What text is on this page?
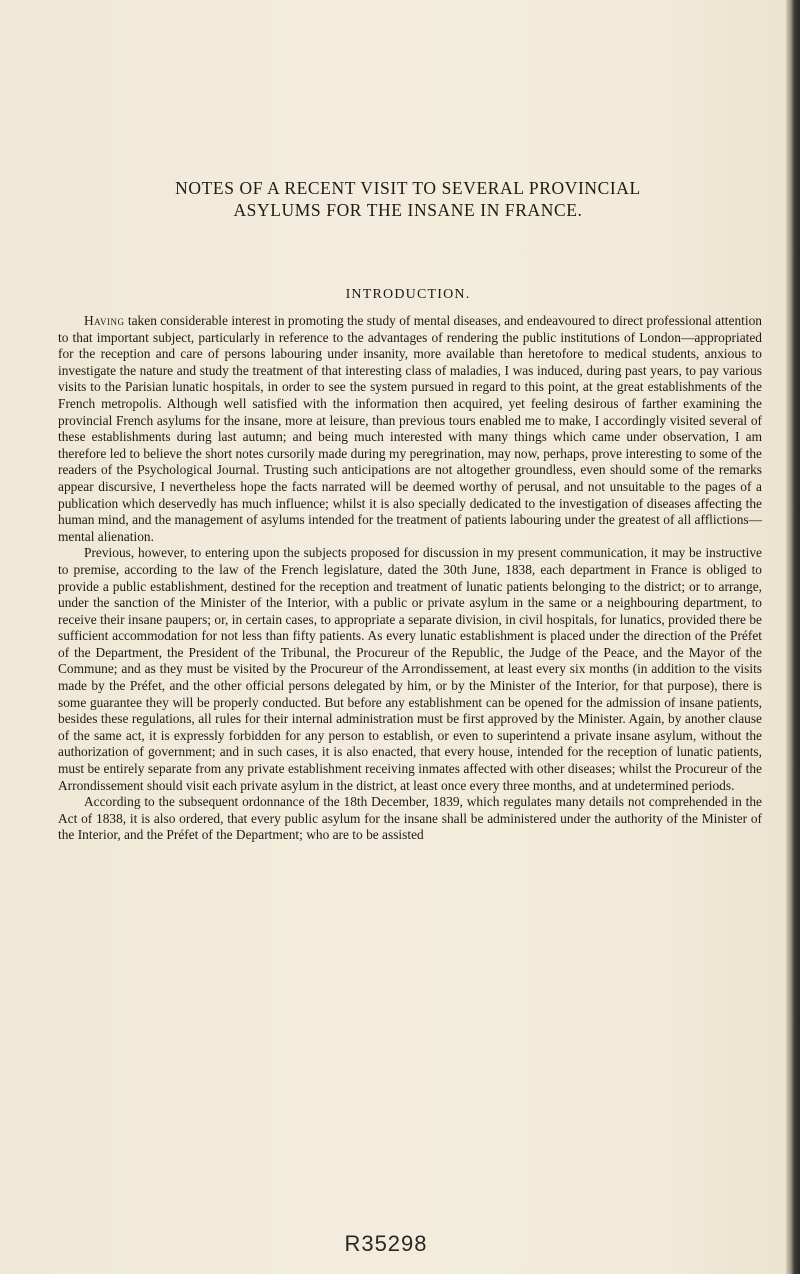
NOTES OF A RECENT VISIT TO SEVERAL PROVINCIAL
ASYLUMS FOR THE INSANE IN FRANCE.
INTRODUCTION.

Having taken considerable interest in promoting the study of mental diseases, and endeavoured to direct professional attention to that important subject, particularly in reference to the advantages of rendering the public institutions of London—appropriated for the reception and care of persons labouring under insanity, more available than heretofore to medical students, anxious to investigate the nature and study the treatment of that interesting class of maladies, I was induced, during past years, to pay various visits to the Parisian lunatic hospitals, in order to see the system pursued in regard to this point, at the great establishments of the French metropolis. Although well satisfied with the information then acquired, yet feeling desirous of farther examining the provincial French asylums for the insane, more at leisure, than previous tours enabled me to make, I accordingly visited several of these establishments during last autumn; and being much interested with many things which came under observation, I am therefore led to believe the short notes cursorily made during my peregrination, may now, perhaps, prove interesting to some of the readers of the Psychological Journal. Trusting such anticipations are not altogether groundless, even should some of the remarks appear discursive, I nevertheless hope the facts narrated will be deemed worthy of perusal, and not unsuitable to the pages of a publication which deservedly has much influence; whilst it is also specially dedicated to the investigation of diseases affecting the human mind, and the management of asylums intended for the treatment of patients labouring under the greatest of all afflictions—mental alienation.

Previous, however, to entering upon the subjects proposed for discussion in my present communication, it may be instructive to premise, according to the law of the French legislature, dated the 30th June, 1838, each department in France is obliged to provide a public establishment, destined for the reception and treatment of lunatic patients belonging to the district; or to arrange, under the sanction of the Minister of the Interior, with a public or private asylum in the same or a neighbouring department, to receive their insane paupers; or, in certain cases, to appropriate a separate division, in civil hospitals, for lunatics, provided there be sufficient accommodation for not less than fifty patients. As every lunatic establishment is placed under the direction of the Préfet of the Department, the President of the Tribunal, the Procureur of the Republic, the Judge of the Peace, and the Mayor of the Commune; and as they must be visited by the Procureur of the Arrondissement, at least every six months (in addition to the visits made by the Préfet, and the other official persons delegated by him, or by the Minister of the Interior, for that purpose), there is some guarantee they will be properly conducted. But before any establishment can be opened for the admission of insane patients, besides these regulations, all rules for their internal administration must be first approved by the Minister. Again, by another clause of the same act, it is expressly forbidden for any person to establish, or even to superintend a private insane asylum, without the authorization of government; and in such cases, it is also enacted, that every house, intended for the reception of lunatic patients, must be entirely separate from any private establishment receiving inmates affected with other diseases; whilst the Procureur of the Arrondissement should visit each private asylum in the district, at least once every three months, and at undetermined periods.

According to the subsequent ordonnance of the 18th December, 1839, which regulates many details not comprehended in the Act of 1838, it is also ordered, that every public asylum for the insane shall be administered under the authority of the Minister of the Interior, and the Préfet of the Department; who are to be assisted

R35298
